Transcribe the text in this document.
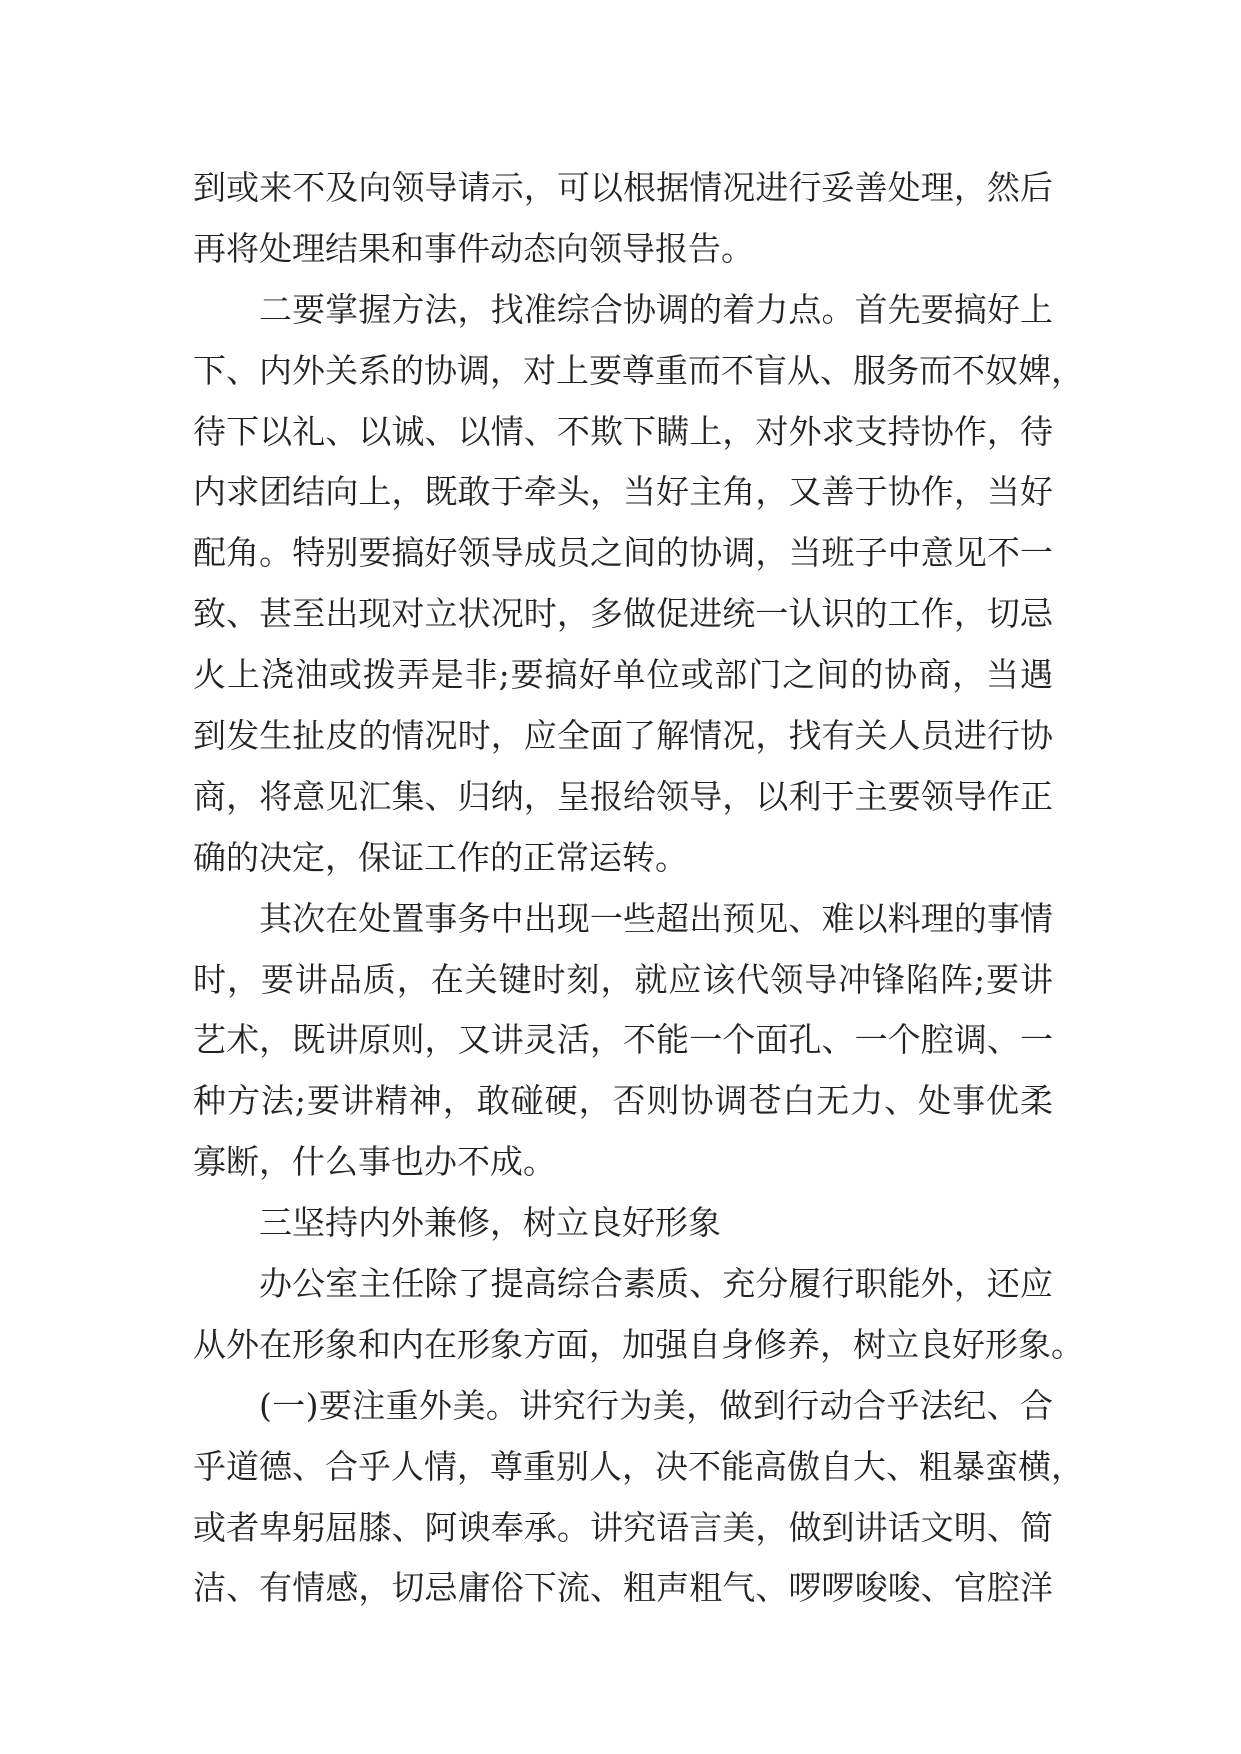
到或来不及向领导请示，可以根据情况进行妥善处理，然后
再将处理结果和事件动态向领导报告。
二要掌握方法，找准综合协调的着力点。首先要搞好上
下、内外关系的协调，对上要尊重而不盲从、服务而不奴婢，
待下以礼、以诚、以情、不欺下瞒上，对外求支持协作，待
内求团结向上，既敢于牵头，当好主角，又善于协作，当好
配角。特别要搞好领导成员之间的协调，当班子中意见不一
致、甚至出现对立状况时，多做促进统一认识的工作，切忌
火上浇油或拨弄是非;要搞好单位或部门之间的协商，当遇
到发生扯皮的情况时，应全面了解情况，找有关人员进行协
商，将意见汇集、归纳，呈报给领导，以利于主要领导作正
确的决定，保证工作的正常运转。
其次在处置事务中出现一些超出预见、难以料理的事情
时，要讲品质，在关键时刻，就应该代领导冲锋陷阵;要讲
艺术，既讲原则，又讲灵活，不能一个面孔、一个腔调、一
种方法;要讲精神，敢碰硬，否则协调苍白无力、处事优柔
寡断，什么事也办不成。
三坚持内外兼修，树立良好形象
办公室主任除了提高综合素质、充分履行职能外，还应
从外在形象和内在形象方面，加强自身修养，树立良好形象。
(一)要注重外美。讲究行为美，做到行动合乎法纪、合
乎道德、合乎人情，尊重别人，决不能高傲自大、粗暴蛮横，
或者卑躬屈膝、阿谀奉承。讲究语言美，做到讲话文明、简
洁、有情感，切忌庸俗下流、粗声粗气、啰啰唆唆、官腔洋
